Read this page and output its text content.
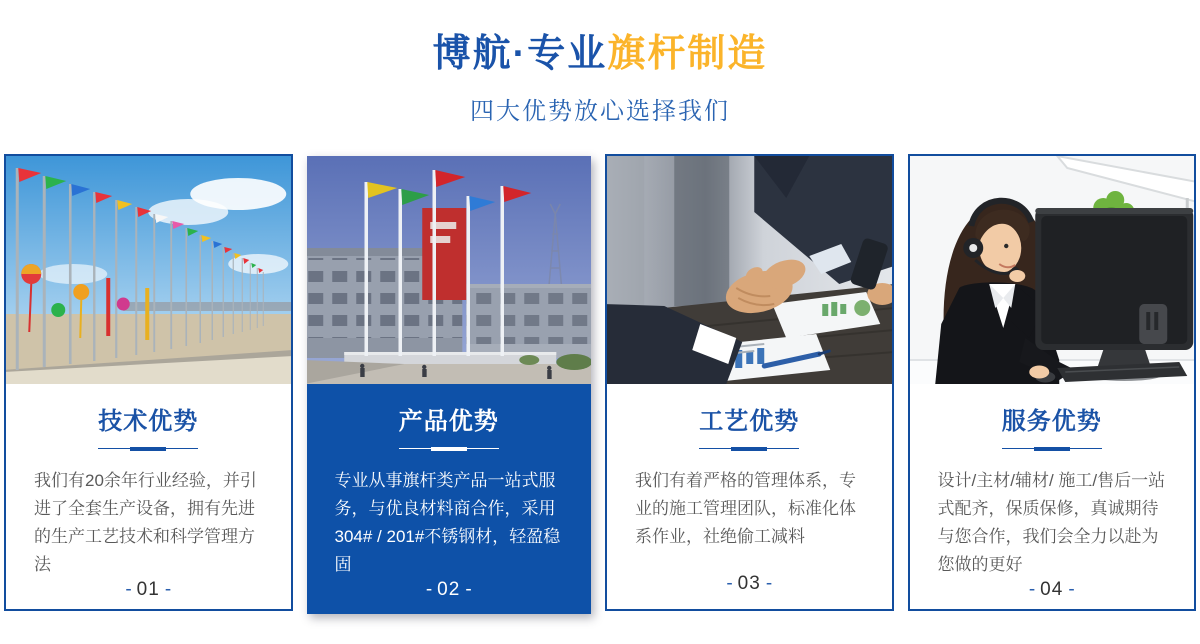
博航·专业旗杆制造
四大优势放心选择我们
技术优势

我们有20余年行业经验，并引进了全套生产设备，拥有先进的生产工艺技术和科学管理方法

- 01 -
产品优势

专业从事旗杆类产品一站式服务，与优良材料商合作，采用304# / 201#不锈钢材，轻盈稳固

- 02 -
工艺优势

我们有着严格的管理体系，专业的施工管理团队，标准化体系作业，社绝偷工减料

- 03 -
服务优势

设计/主材/辅材/ 施工/售后一站式配齐，保质保修，真诚期待与您合作，我们会全力以赴为您做的更好

- 04 -
